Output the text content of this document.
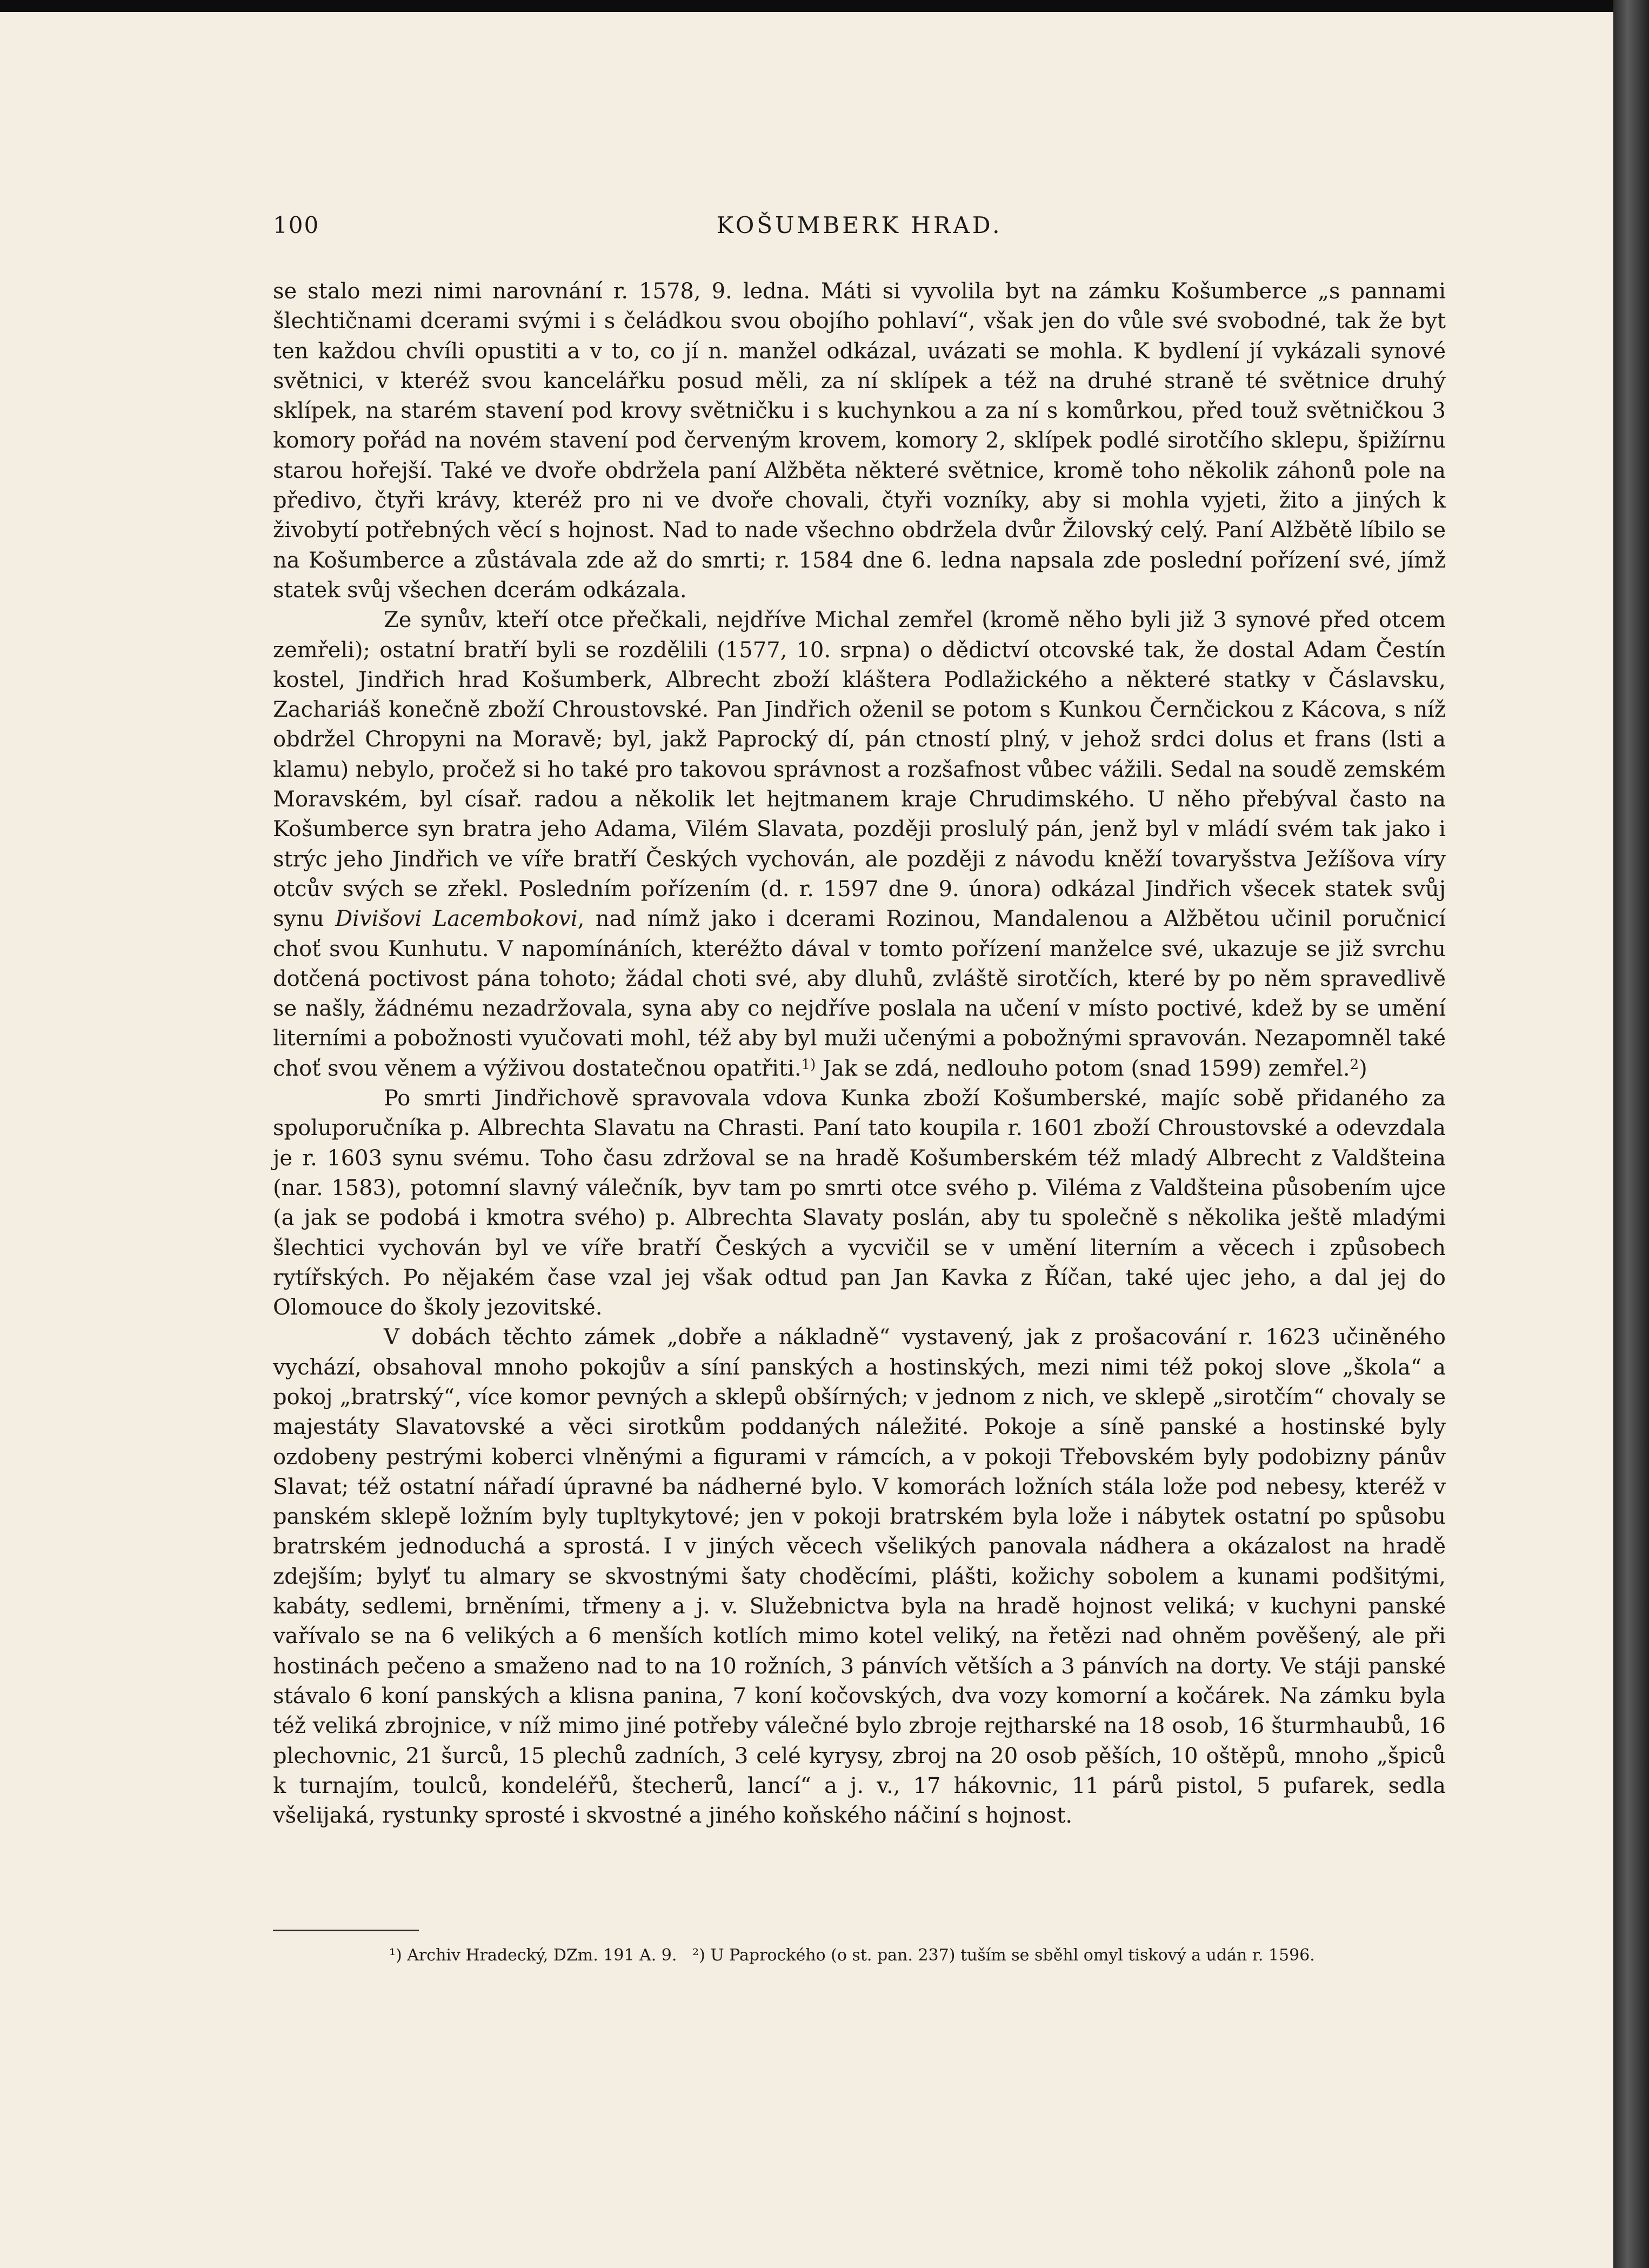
100	KOŠUMBERK HRAD.

se stalo mezi nimi narovnání r. 1578, 9. ledna. Máti si vyvolila byt na zámku Košumberce „s pannami šlechtičnami dcerami svými i s čeládkou svou obojího pohlaví“, však jen do vůle své svobodné, tak že byt ten každou chvíli opustiti a v to, co jí n. manžel odkázal, uvázati se mohla. K bydlení jí vykázali synové světnici, v kteréž svou kancelářku posud měli, za ní sklípek a též na druhé straně té světnice druhý sklípek, na starém stavení pod krovy světničku i s kuchynkou a za ní s komůrkou, před touž světničkou 3 komory pořád na novém stavení pod červeným krovem, komory 2, sklípek podlé sirotčího sklepu, špižírnu starou hořejší. Také ve dvoře obdržela paní Alžběta některé světnice, kromě toho několik záhonů pole na předivo, čtyři krávy, kteréž pro ni ve dvoře chovali, čtyři vozníky, aby si mohla vyjeti, žito a jiných k živobytí potřebných věcí s hojnost. Nad to nade všechno obdržela dvůr Žilovský celý. Paní Alžbětě líbilo se na Košumberce a zůstávala zde až do smrti; r. 1584 dne 6. ledna napsala zde poslední pořízení své, jímž statek svůj všechen dcerám odkázala.

Ze synův, kteří otce přečkali, nejdříve Michal zemřel (kromě něho byli již 3 synové před otcem zemřeli); ostatní bratří byli se rozdělili (1577, 10. srpna) o dědictví otcovské tak, že dostal Adam Čestín kostel, Jindřich hrad Košumberk, Albrecht zboží kláštera Podlažického a některé statky v Čáslavsku, Zachariáš konečně zboží Chroustovské. Pan Jindřich oženil se potom s Kunkou Černčickou z Kácova, s níž obdržel Chropyni na Moravě; byl, jakž Paprocký dí, pán ctností plný, v jehož srdci dolus et frans (lsti a klamu) nebylo, pročež si ho také pro takovou správnost a rozšafnost vůbec vážili. Sedal na soudě zemském Moravském, byl císař. radou a několik let hejtmanem kraje Chrudimského. U něho přebýval často na Košumberce syn bratra jeho Adama, Vilém Slavata, později proslulý pán, jenž byl v mládí svém tak jako i strýc jeho Jindřich ve víře bratří Českých vychován, ale později z návodu kněží tovaryšstva Ježíšova víry otcův svých se zřekl. Posledním pořízením (d. r. 1597 dne 9. února) odkázal Jindřich všecek statek svůj synu Divišovi Lacembokovi, nad nímž jako i dcerami Rozinou, Mandalenou a Alžbětou učinil poručnicí choť svou Kunhutu. V napomínáních, kteréžto dával v tomto pořízení manželce své, ukazuje se již svrchu dotčená poctivost pána tohoto; žádal choti své, aby dluhů, zvláště sirotčích, které by po něm spravedlivě se našly, žádnému nezadržovala, syna aby co nejdříve poslala na učení v místo poctivé, kdež by se umění literními a pobožnosti vyučovati mohl, též aby byl muži učenými a pobožnými spravován. Nezapomněl také choť svou věnem a výživou dostatečnou opatřiti.$^{1)}$ Jak se zdá, nedlouho potom (snad 1599) zemřel.$^2$)

Po smrti Jindřichově spravovala vdova Kunka zboží Košumberské, majíc sobě přidaného za spoluporučníka p. Albrechta Slavatu na Chrasti. Paní tato koupila r. 1601 zboží Chroustovské a odevzdala je r. 1603 synu svému. Toho času zdržoval se na hradě Košumberském též mladý Albrecht z Valdšteina (nar. 1583), potomní slavný válečník, byv tam po smrti otce svého p. Viléma z Valdšteina působením ujce (a jak se podobá i kmotra svého) p. Albrechta Slavaty poslán, aby tu společně s několika ještě mladými šlechtici vychován byl ve víře bratří Českých a vycvičil se v umění literním a věcech i způsobech rytířských. Po nějakém čase vzal jej však odtud pan Jan Kavka z Říčan, také ujec jeho, a dal jej do Olomouce do školy jezovitské.

V dobách těchto zámek „dobře a nákladně“ vystavený, jak z prošacování r. 1623 učiněného vychází, obsahoval mnoho pokojův a síní panských a hostinských, mezi nimi též pokoj slove „škola“ a pokoj „bratrský“, více komor pevných a sklepů obšírných; v jednom z nich, ve sklepě „sirotčím“ chovaly se majestáty Slavatovské a věci sirotkům poddaných náležité. Pokoje a síně panské a hostinské byly ozdobeny pestrými koberci vlněnými a figurami v rámcích, a v pokoji Třebovském byly podobizny pánův Slavat; též ostatní nářadí úpravné ba nádherné bylo. V komorách ložních stála lože pod nebesy, kteréž v panském sklepě ložním byly tupltykytové; jen v pokoji bratrském byla lože i nábytek ostatní po spůsobu bratrském jednoduchá a sprostá. I v jiných věcech všelikých panovala nádhera a okázalost na hradě zdejším; bylyť tu almary se skvostnými šaty choděcími, plášti, kožichy sobolem a kunami podšitými, kabáty, sedlemi, brněními, třmeny a j. v. Služebnictva byla na hradě hojnost veliká; v kuchyni panské vařívalo se na 6 velikých a 6 menších kotlích mimo kotel veliký, na řetězi nad ohněm pověšený, ale při hostinách pečeno a smaženo nad to na 10 rožních, 3 pánvích větších a 3 pánvích na dorty. Ve stáji panské stávalo 6 koní panských a klisna panina, 7 koní kočovských, dva vozy komorní a kočárek. Na zámku byla též veliká zbrojnice, v níž mimo jiné potřeby válečné bylo zbroje rejtharské na 18 osob, 16 šturmhaubů, 16 plechovnic, 21 šurců, 15 plechů zadních, 3 celé kyrysy, zbroj na 20 osob pěších, 10 oštěpů, mnoho „špiců k turnajím, toulců, kondeléřů, štecherů, lancí“ a j. v., 17 hákovnic, 11 párů pistol, 5 pufarek, sedla všelijaká, rystunky sprosté i skvostné a jiného koňského náčiní s hojnost.

¹) Archiv Hradecký, DZm. 191 A. 9. ²) U Paprockého (o st. pan. 237) tuším se sběhl omyl tiskový a udán r. 1596.
